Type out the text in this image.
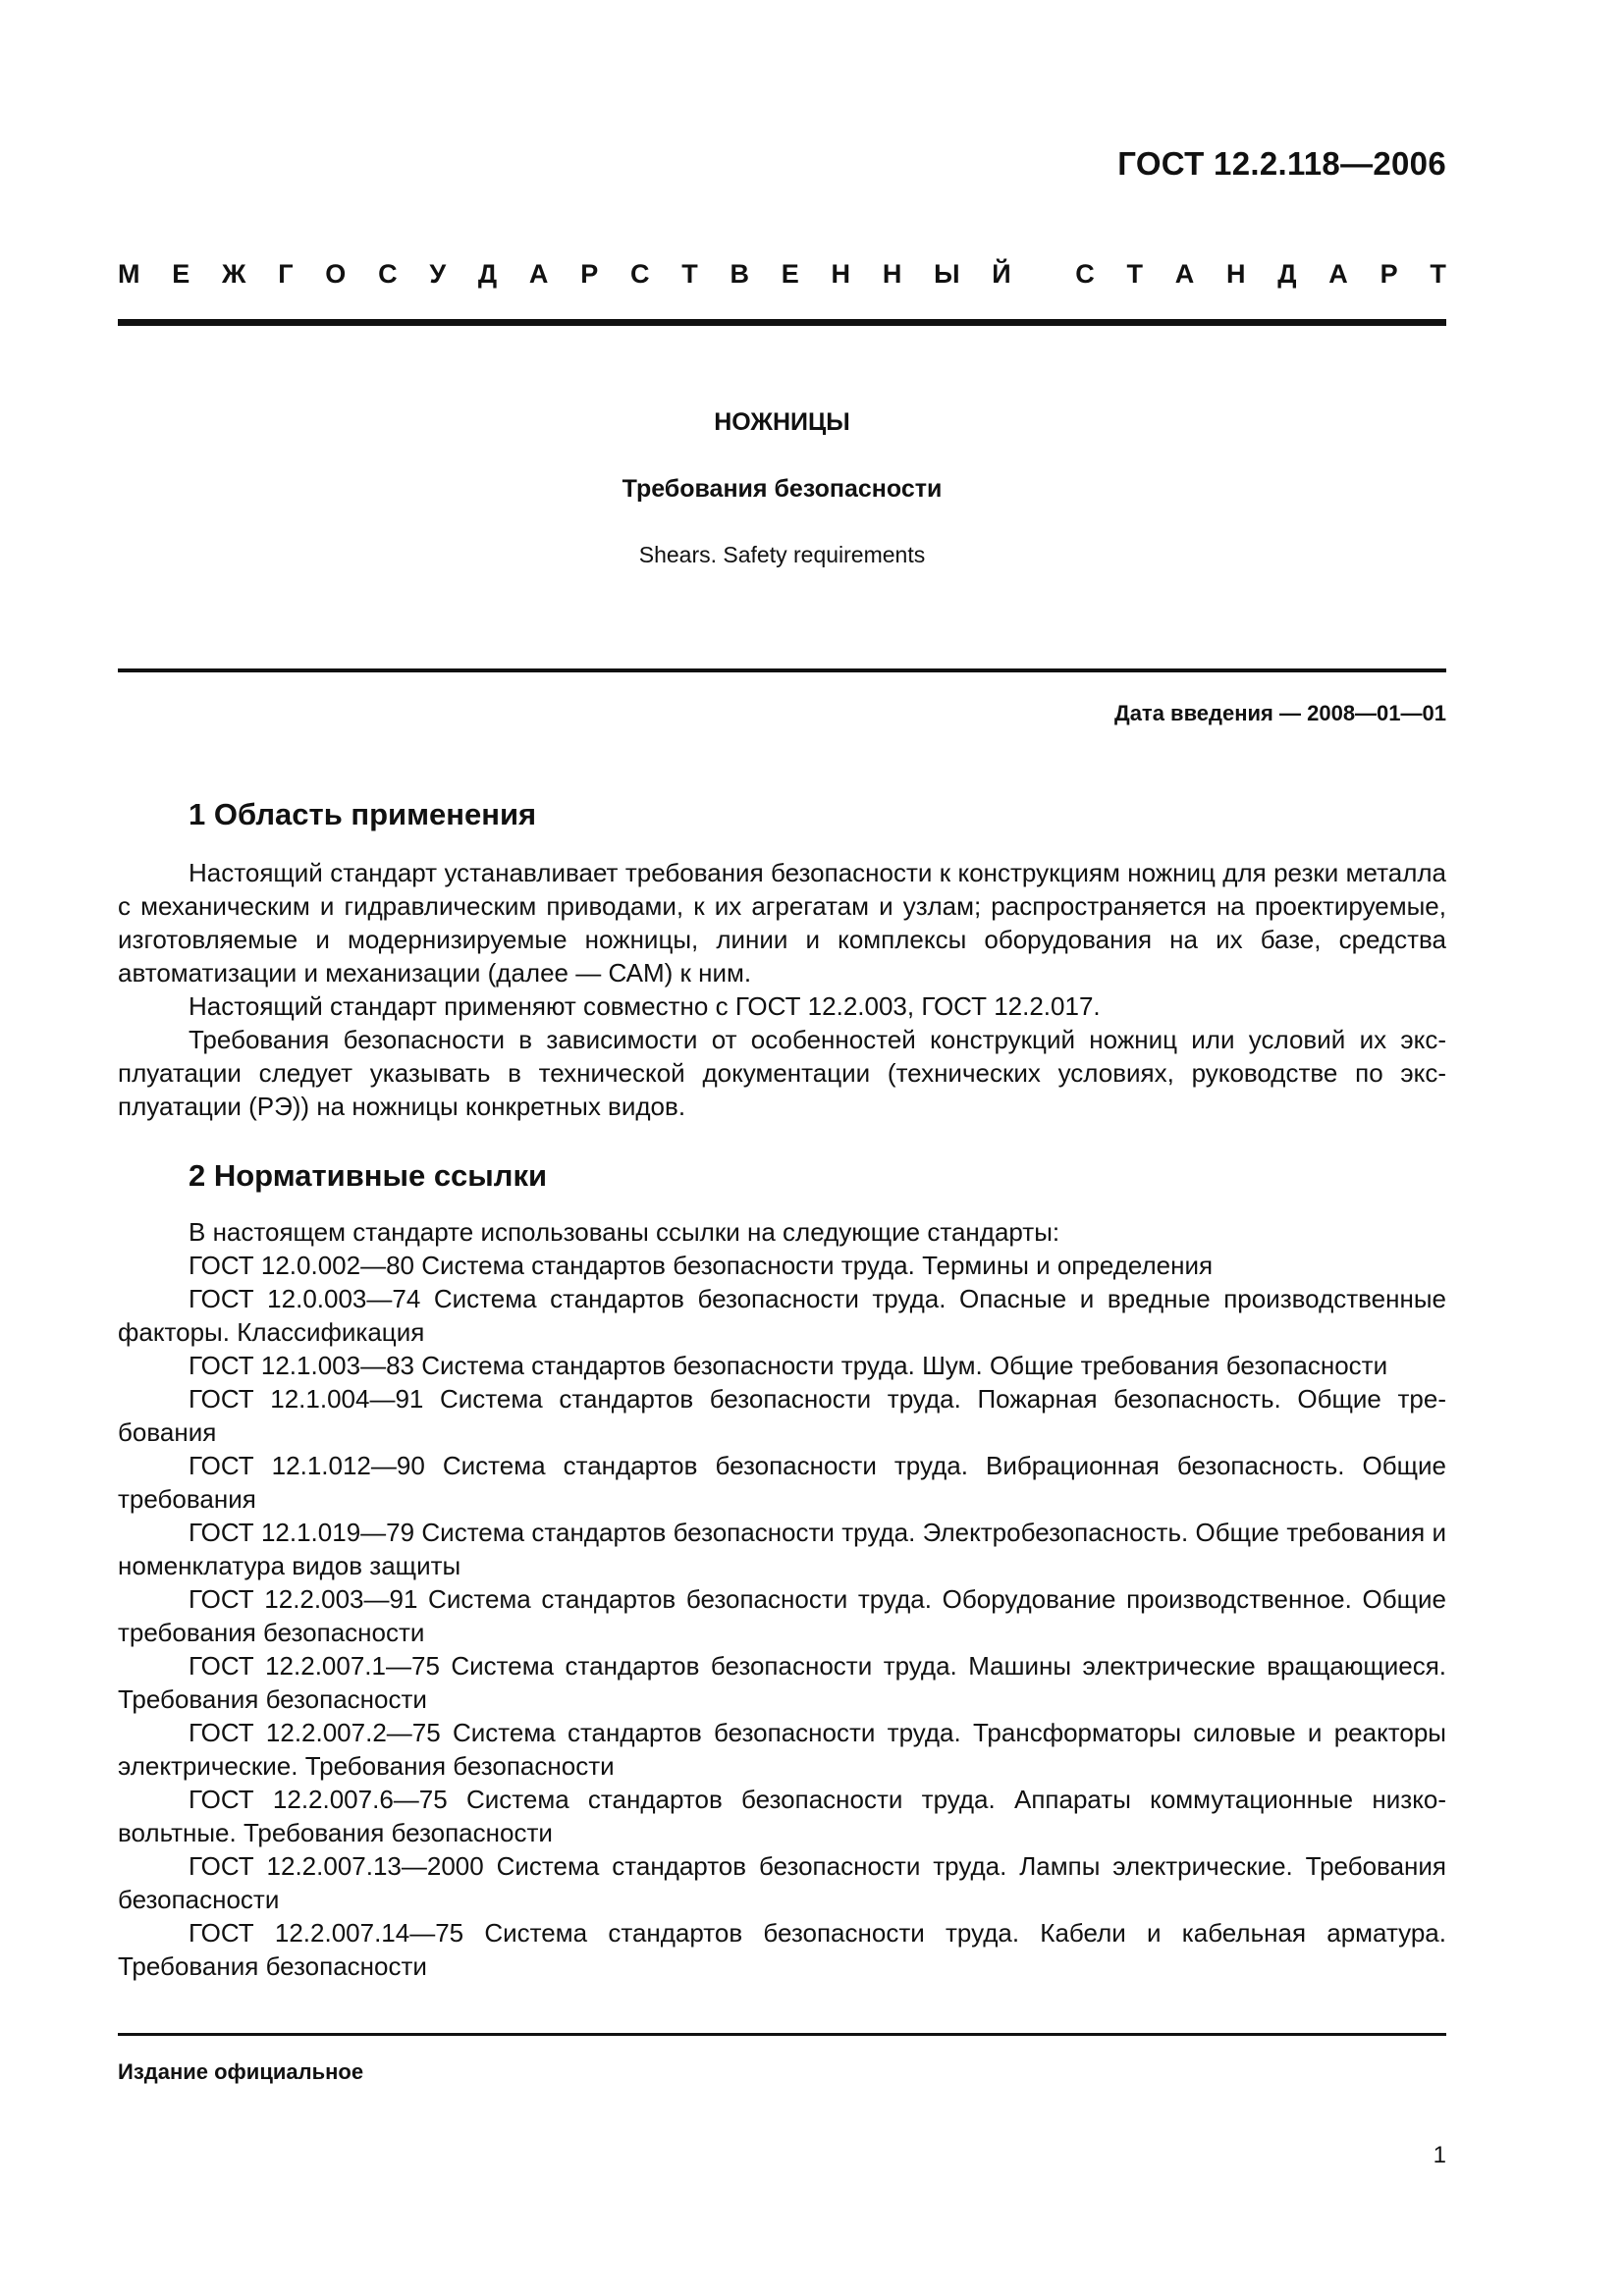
ГОСТ 12.2.118—2006
М Е Ж Г О С У Д А Р С Т В Е Н Н Ы Й С Т А Н Д А Р Т
НОЖНИЦЫ
Требования безопасности
Shears. Safety requirements
Дата введения — 2008—01—01
1 Область применения

Настоящий стандарт устанавливает требования безопасности к конструкциям ножниц для резки металла с механическим и гидравлическим приводами, к их агрегатам и узлам; распространяется на проектируемые, изготовляемые и модернизируемые ножницы, линии и комплексы оборудования на их базе, средства автоматизации и механизации (далее — САМ) к ним.

Настоящий стандарт применяют совместно с ГОСТ 12.2.003, ГОСТ 12.2.017.

Требования безопасности в зависимости от особенностей конструкций ножниц или условий их эксплуатации следует указывать в технической документации (технических условиях, руководстве по эксплуатации (РЭ)) на ножницы конкретных видов.

2 Нормативные ссылки

В настоящем стандарте использованы ссылки на следующие стандарты:

ГОСТ 12.0.002—80 Система стандартов безопасности труда. Термины и определения

ГОСТ 12.0.003—74 Система стандартов безопасности труда. Опасные и вредные производственные факторы. Классификация

ГОСТ 12.1.003—83 Система стандартов безопасности труда. Шум. Общие требования безопасности

ГОСТ 12.1.004—91 Система стандартов безопасности труда. Пожарная безопасность. Общие требования

ГОСТ 12.1.012—90 Система стандартов безопасности труда. Вибрационная безопасность. Общие требования

ГОСТ 12.1.019—79 Система стандартов безопасности труда. Электробезопасность. Общие требования и номенклатура видов защиты

ГОСТ 12.2.003—91 Система стандартов безопасности труда. Оборудование производственное. Общие требования безопасности

ГОСТ 12.2.007.1—75 Система стандартов безопасности труда. Машины электрические вращающиеся. Требования безопасности

ГОСТ 12.2.007.2—75 Система стандартов безопасности труда. Трансформаторы силовые и реакторы электрические. Требования безопасности

ГОСТ 12.2.007.6—75 Система стандартов безопасности труда. Аппараты коммутационные низковольтные. Требования безопасности

ГОСТ 12.2.007.13—2000 Система стандартов безопасности труда. Лампы электрические. Требования безопасности

ГОСТ 12.2.007.14—75 Система стандартов безопасности труда. Кабели и кабельная арматура. Требования безопасности

Издание официальное
1
